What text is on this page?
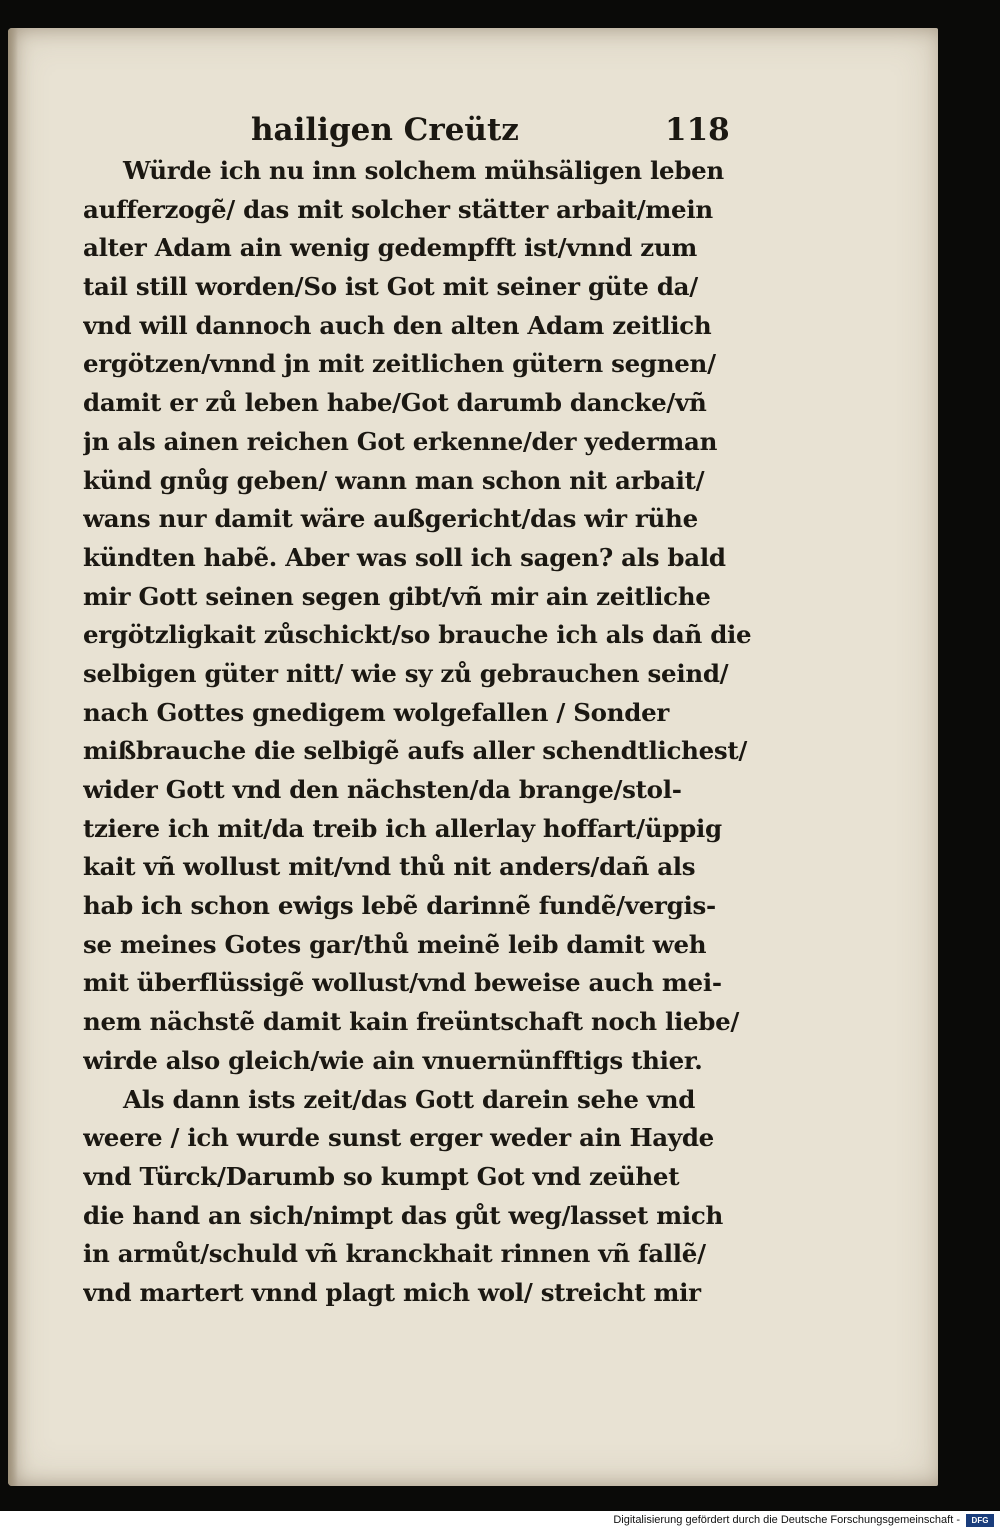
hailigen Creütz	118
Würde ich nu inn solchem mühsäligen leben
aufferzogẽ/ das mit solcher stätter arbait/mein
alter Adam ain wenig gedempfft ist/vnnd zum
tail still worden/So ist Got mit seiner güte da/
vnd will dannoch auch den alten Adam zeitlich
ergötzen/vnnd jn mit zeitlichen gütern segnen/
damit er zů leben habe/Got darumb dancke/vñ
jn als ainen reichen Got erkenne/der yederman
künd gnůg geben/ wann man schon nit arbait/
wans nur damit wäre außgericht/das wir rühe
kündten habẽ. Aber was soll ich sagen? als bald
mir Gott seinen segen gibt/vñ mir ain zeitliche
ergötzligkait zůschickt/so brauche ich als dañ die
selbigen güter nitt/ wie sy zů gebrauchen seind/
nach Gottes gnedigem wolgefallen / Sonder
mißbrauche die selbigẽ aufs aller schendtlichest/
wider Gott vnd den nächsten/da brange/stol-
tziere ich mit/da treib ich allerlay hoffart/üppig
kait vñ wollust mit/vnd thů nit anders/dañ als
hab ich schon ewigs lebẽ darinnẽ fundẽ/vergis-
se meines Gotes gar/thů meinẽ leib damit weh
mit überflüssigẽ wollust/vnd beweise auch mei-
nem nächstẽ damit kain freüntschaft noch liebe/
wirde also gleich/wie ain vnuernünfftigs thier.
Als dann ists zeit/das Gott darein sehe vnd
weere / ich wurde sunst erger weder ain Hayde
vnd Türck/Darumb so kumpt Got vnd zeühet
die hand an sich/nimpt das gůt weg/lasset mich
in armůt/schuld vñ kranckhait rinnen vñ fallẽ/
vnd martert vnnd plagt mich wol/ streicht mir
Digitalisierung gefördert durch die Deutsche Forschungsgemeinschaft -	DFG
